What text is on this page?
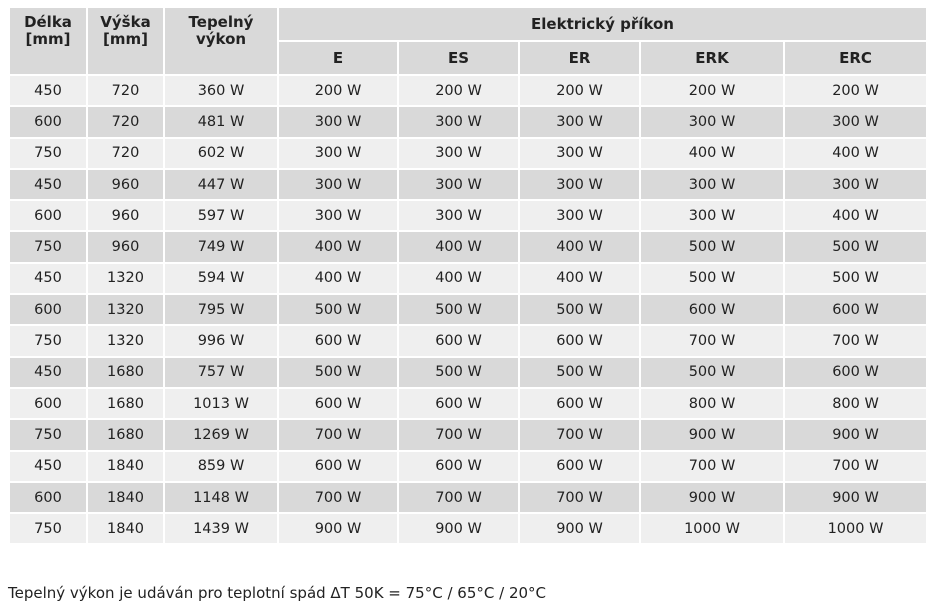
Délka [mm]	Výška [mm]	Tepelný výkon	Elektrický příkon				
			E	ES	ER	ERK	ERC
450	720	360 W	200 W	200 W	200 W	200 W	200 W
600	720	481 W	300 W	300 W	300 W	300 W	300 W
750	720	602 W	300 W	300 W	300 W	400 W	400 W
450	960	447 W	300 W	300 W	300 W	300 W	300 W
600	960	597 W	300 W	300 W	300 W	300 W	400 W
750	960	749 W	400 W	400 W	400 W	500 W	500 W
450	1320	594 W	400 W	400 W	400 W	500 W	500 W
600	1320	795 W	500 W	500 W	500 W	600 W	600 W
750	1320	996 W	600 W	600 W	600 W	700 W	700 W
450	1680	757 W	500 W	500 W	500 W	500 W	600 W
600	1680	1013 W	600 W	600 W	600 W	800 W	800 W
750	1680	1269 W	700 W	700 W	700 W	900 W	900 W
450	1840	859 W	600 W	600 W	600 W	700 W	700 W
600	1840	1148 W	700 W	700 W	700 W	900 W	900 W
750	1840	1439 W	900 W	900 W	900 W	1000 W	1000 W
Tepelný výkon je udáván pro teplotní spád ΔT 50K = 75°C / 65°C / 20°C
